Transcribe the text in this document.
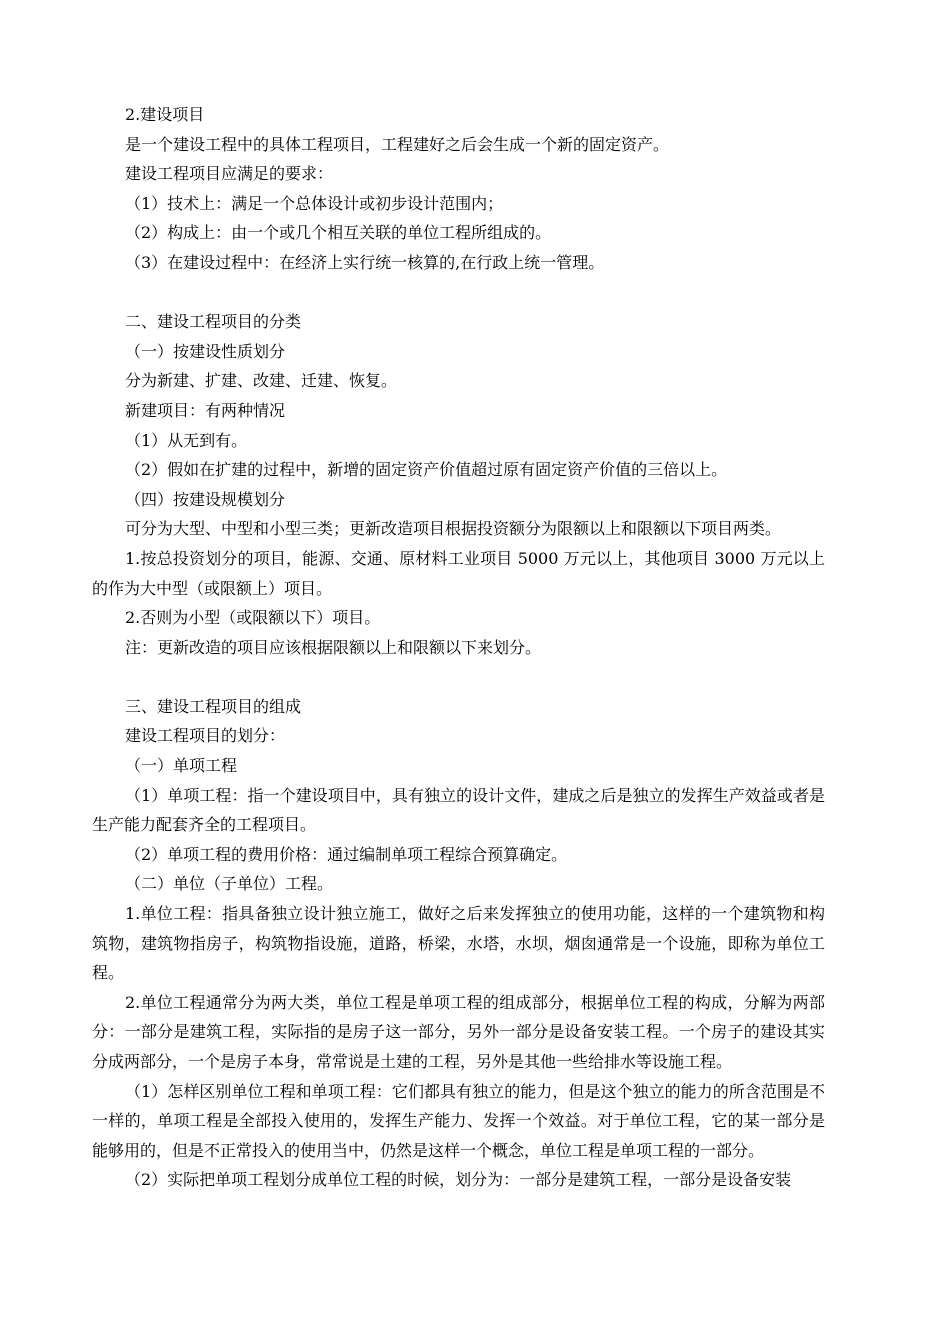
2.建设项目

是一个建设工程中的具体工程项目，工程建好之后会生成一个新的固定资产。

建设工程项目应满足的要求：

（1）技术上：满足一个总体设计或初步设计范围内；

（2）构成上：由一个或几个相互关联的单位工程所组成的。

（3）在建设过程中：在经济上实行统一核算的,在行政上统一管理。

二、建设工程项目的分类

（一）按建设性质划分

分为新建、扩建、改建、迁建、恢复。

新建项目：有两种情况

（1）从无到有。

（2）假如在扩建的过程中，新增的固定资产价值超过原有固定资产价值的三倍以上。

（四）按建设规模划分

可分为大型、中型和小型三类；更新改造项目根据投资额分为限额以上和限额以下项目两类。

1.按总投资划分的项目，能源、交通、原材料工业项目 5000 万元以上，其他项目 3000 万元以上的作为大中型（或限额上）项目。

2.否则为小型（或限额以下）项目。

注：更新改造的项目应该根据限额以上和限额以下来划分。

三、建设工程项目的组成

建设工程项目的划分：

（一）单项工程

（1）单项工程：指一个建设项目中，具有独立的设计文件，建成之后是独立的发挥生产效益或者是生产能力配套齐全的工程项目。

（2）单项工程的费用价格：通过编制单项工程综合预算确定。

（二）单位（子单位）工程。

1.单位工程：指具备独立设计独立施工，做好之后来发挥独立的使用功能，这样的一个建筑物和构筑物，建筑物指房子，构筑物指设施，道路，桥梁，水塔，水坝，烟囱通常是一个设施，即称为单位工程。

2.单位工程通常分为两大类，单位工程是单项工程的组成部分，根据单位工程的构成，分解为两部分：一部分是建筑工程，实际指的是房子这一部分，另外一部分是设备安装工程。一个房子的建设其实分成两部分，一个是房子本身，常常说是土建的工程，另外是其他一些给排水等设施工程。

（1）怎样区别单位工程和单项工程：它们都具有独立的能力，但是这个独立的能力的所含范围是不一样的，单项工程是全部投入使用的，发挥生产能力、发挥一个效益。对于单位工程，它的某一部分是能够用的，但是不正常投入的使用当中，仍然是这样一个概念，单位工程是单项工程的一部分。

（2）实际把单项工程划分成单位工程的时候，划分为：一部分是建筑工程，一部分是设备安装
